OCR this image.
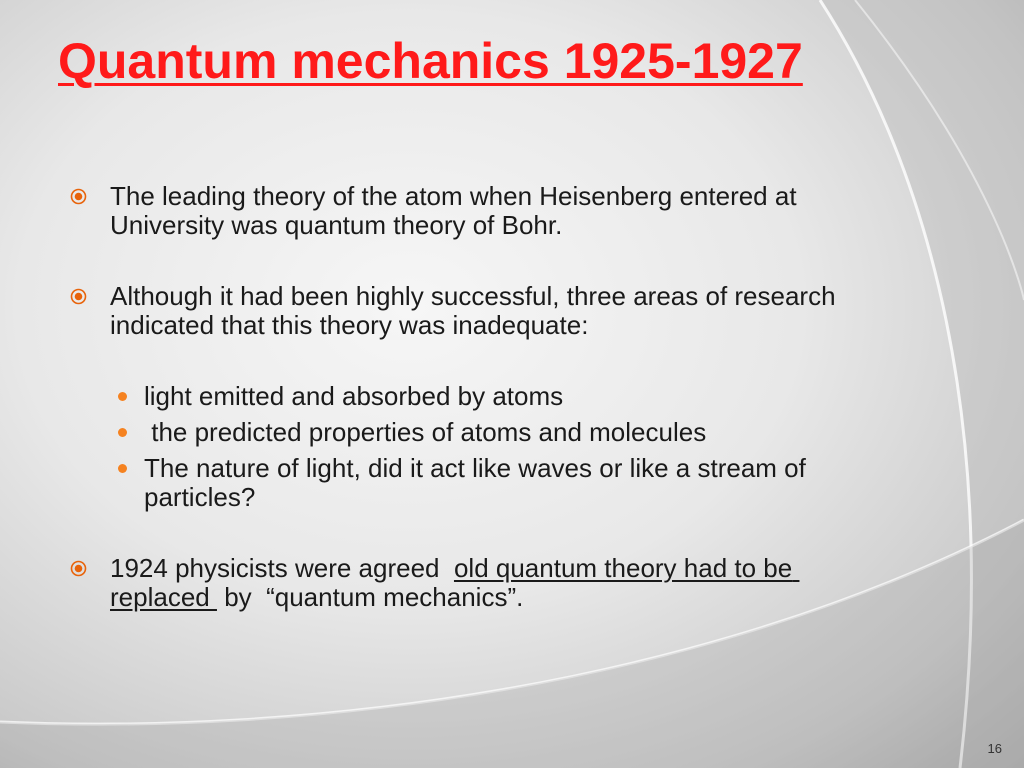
Quantum mechanics 1925-1927
The leading theory of the atom when Heisenberg entered at University was quantum theory of Bohr.
Although it had been highly successful, three areas of research indicated that this theory was inadequate:
light emitted and absorbed by atoms
the predicted properties of atoms and molecules
The nature of light, did it act like waves or like a stream of particles?
1924 physicists were agreed  old quantum theory had to be replaced  by  “quantum mechanics”.
16
